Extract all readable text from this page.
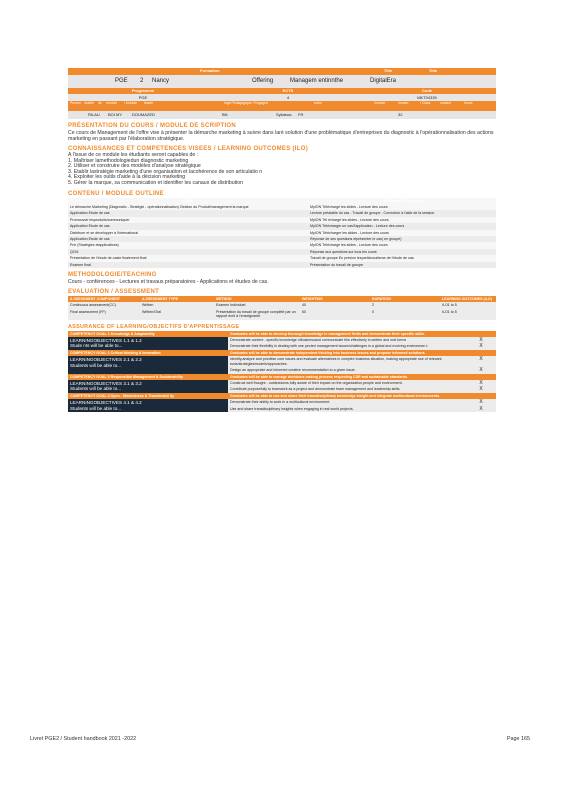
Formation	Title	Title
PGE	2	Nancy	Offering	Managem entinnthe	DigitalEra
Programme	ECTS	Code
PGE	4	MKT04339
Person nsable	de	module	/ Module	leader	Ingé Pédagogique / Engaged	tuttor	Volume	horaire	/ Class	contact	hours
RILAU	BOI MY	DOUMAZED	BN	Syllabus:	FR	32
PRÉSENTATION DU COURS / MODULE DE SCRIPTION
Ce cours de Management de l'offre vise à présenter la démarche marketing à suivre dans laré solution d'une problématique d'entreprises du diagnostic à l'opérationnalisation des actions marketing en passant par l'élaboration stratégique.
CONNAISSANCES ET COMPETENCES VISEES / LEARNING OUTCOMES (ILO)
A l'issue de ce module les étudiants seront capables de :
1. Maîtriser lamethodologiedun diagnostic marketing
2. Utiliser et construire des modèles d'analyse stratégique
3. Etablir lastratégie marketing d'une organisation et lacohérence de son articulatio n
4. Exploiter les outils d'aide à la décision marketing
5. Gérer la marque, sa communication et identifier les canaux de distribution
CONTENU / MODULE OUTLINE
TOPIC	A SEMINENTS /LESSONS
Le démarche Marketing (Diagnostic - Stratégie - opérationnalisation) Gestion du Produit/management la marque	MyION Téléchargé les slides - Lecture des cours
Application Etude de cas	Lecture préalable du cas - Travail de groupe - Correction à l'aide de la session
Promouvoir lesproduits/communiquer	MyION Tél échargé les slides - Lecture des cours
Application Etude de cas	MyION Télécharger un cas/l'application - Lecture des cours
Distribuer et se développer à l'international	MyION Télécharger les slides - Lecture des cours
Application Etude de cas	Réponse de ses questions etprésenter le cas( en groupe)
Prix (Stratégies etapplications)	MyION Téléchargé les slides - Lecture des cours
QCM	Réponse aux questions sur tous les cours
Présentation de l'étude de caste finalement final	Travail de groupe En présion lespartizionalisme de l'étude de cas.
Examen final	Présentation du travail de groupe
METHODOLOGIE/TEACHING
Cours - conférences - Lectures et travaux préparatoires - Applications et études de cas.
EVALUATION / ASSESSMENT
A SSESSMENT COMPONENT	A SSESSMENT TYPE	METHOD	WEIGHTING	DURATION	LEARNING OUTCOMES (ILO)
Continuous assessment(CC)	Written	Examen Individuel	40	2	ILO1 to 5
Final assessment (FF)	Written/Oral	Présentation du travail de groupe complété par un rapport écrit à l'enseignante	60	0	ILO1 to 5
ASSURANCE OF LEARNING/OBJECTIFS D'APPRENTISSAGE
COMPETENCY GOAL 1 Knowledge & Adaptability	Graduates will be able to develop thorough knowledge in management fields and demonstrate their specific skills.	

LEARNINGOBJECTIVES 1.1 & 1.2
Stude nts will be able to...	Demonstrate content - specific knowledge ofbusinessand communicate this effectively in written and oral forms	X
	Demonstrate their flexibility in dealing with une pected management issues/challenges in a global and evolving environmen t.	X
COMPETENCY GOAL 2 Critical thinking & Innovation	Graduates will be able to demonstrate independent thinking into business issues and propose informed solutions.	

LEARNINGOBJECTIVES 2.1 & 2.2
Students will be able to...	Identify,analyze and prioritize core issues and evaluate alternatives in complex business situation, making appropriate use of relevant tools/strategies/models/approaches.	X
	Design an appropriate and informed creative recommendation to a given issue.	X
COMPETENCY GOAL 3 Responsible Management & Sustainability	Graduates will be able to manage decisions making process respecting CSR and sustainable standards.	

LEARNINGOBJECTIVES 3.1 & 3.2
Students will be able to...	Construct well thought - outdecisions,fully aware of their impact on the organization,people and environment.	X
	Contribute purposefully to teamwork as a project and demonstrate team management and leadership skills.	X
COMPETENCY GOAL 4 Open - Mindedness & Transferabil ity	Graduates will be able to use and share their transdisciplinary knowledge insight and integrate multicultural environments.	

LEARNINGOBJECTIVES 4.1 & 4.2
Students will be able to...	Demonstrate their ability to work in a multicultural environment.	X
	Use and share transdisciplinary insights when engaging in real world projects.	X
Livret PGE2 / Student handbook 2021 -2022	Page 165
